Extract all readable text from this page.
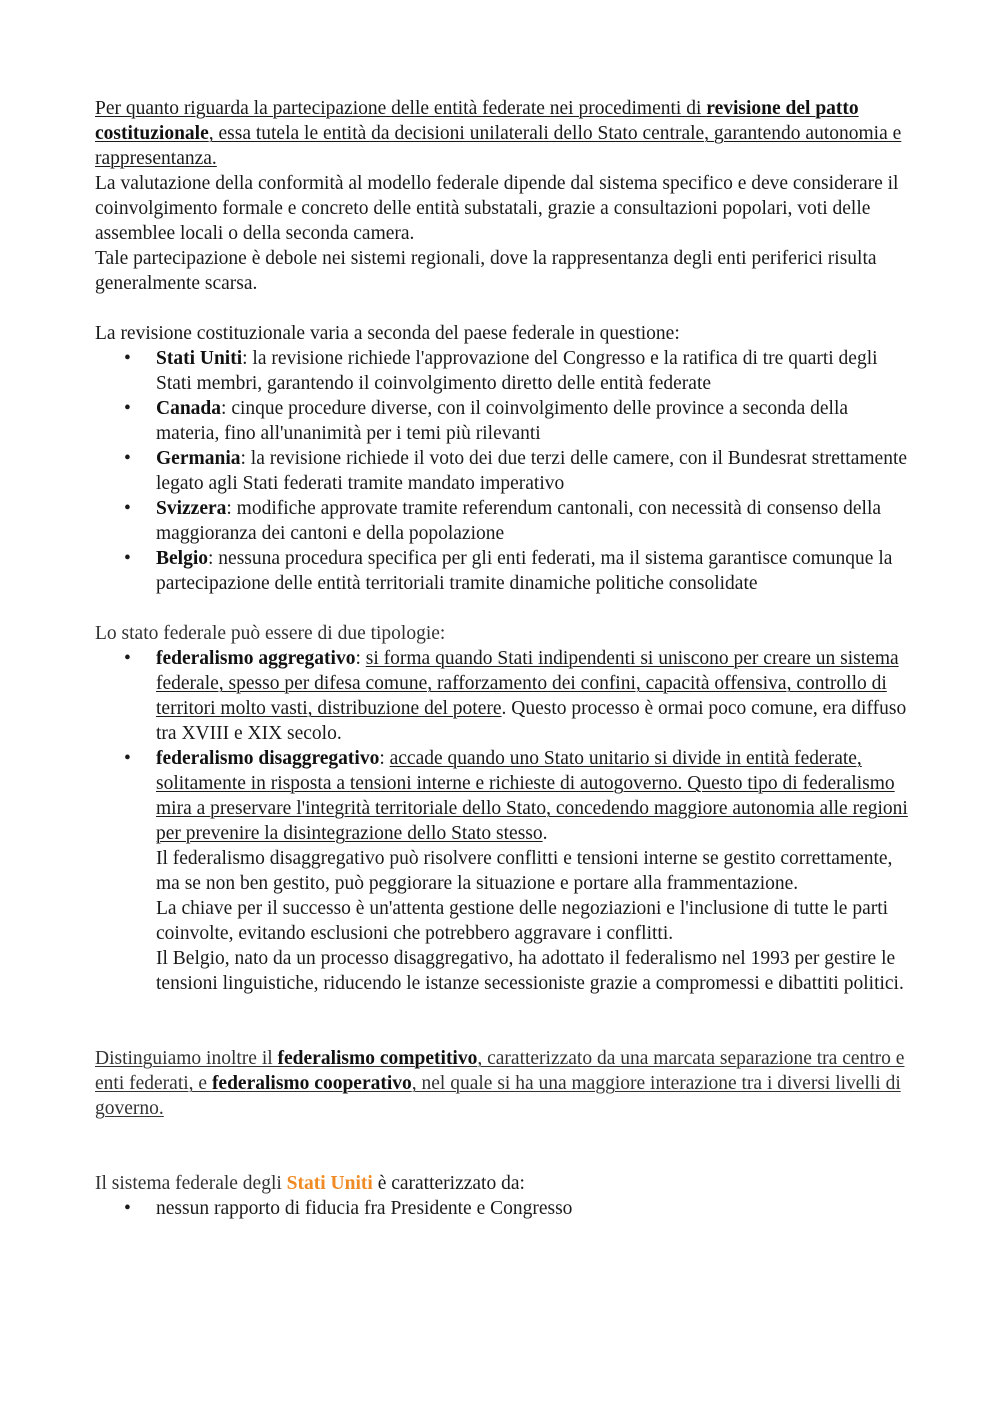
Per quanto riguarda la partecipazione delle entità federate nei procedimenti di revisione del patto costituzionale, essa tutela le entità da decisioni unilaterali dello Stato centrale, garantendo autonomia e rappresentanza.

La valutazione della conformità al modello federale dipende dal sistema specifico e deve considerare il coinvolgimento formale e concreto delle entità substatali, grazie a consultazioni popolari, voti delle assemblee locali o della seconda camera.

Tale partecipazione è debole nei sistemi regionali, dove la rappresentanza degli enti periferici risulta generalmente scarsa.

La revisione costituzionale varia a seconda del paese federale in questione:

• Stati Uniti: la revisione richiede l'approvazione del Congresso e la ratifica di tre quarti degli Stati membri, garantendo il coinvolgimento diretto delle entità federate
• Canada: cinque procedure diverse, con il coinvolgimento delle province a seconda della materia, fino all'unanimità per i temi più rilevanti
• Germania: la revisione richiede il voto dei due terzi delle camere, con il Bundesrat strettamente legato agli Stati federati tramite mandato imperativo
• Svizzera: modifiche approvate tramite referendum cantonali, con necessità di consenso della maggioranza dei cantoni e della popolazione
• Belgio: nessuna procedura specifica per gli enti federati, ma il sistema garantisce comunque la partecipazione delle entità territoriali tramite dinamiche politiche consolidate

Lo stato federale può essere di due tipologie:

• federalismo aggregativo: si forma quando Stati indipendenti si uniscono per creare un sistema federale, spesso per difesa comune, rafforzamento dei confini, capacità offensiva, controllo di territori molto vasti, distribuzione del potere. Questo processo è ormai poco comune, era diffuso tra XVIII e XIX secolo.
• federalismo disaggregativo: accade quando uno Stato unitario si divide in entità federate, solitamente in risposta a tensioni interne e richieste di autogoverno. Questo tipo di federalismo mira a preservare l'integrità territoriale dello Stato, concedendo maggiore autonomia alle regioni per prevenire la disintegrazione dello Stato stesso.

Il federalismo disaggregativo può risolvere conflitti e tensioni interne se gestito correttamente, ma se non ben gestito, può peggiorare la situazione e portare alla frammentazione.

La chiave per il successo è un'attenta gestione delle negoziazioni e l'inclusione di tutte le parti coinvolte, evitando esclusioni che potrebbero aggravare i conflitti.

Il Belgio, nato da un processo disaggregativo, ha adottato il federalismo nel 1993 per gestire le tensioni linguistiche, riducendo le istanze secessioniste grazie a compromessi e dibattiti politici.

Distinguiamo inoltre il federalismo competitivo, caratterizzato da una marcata separazione tra centro e enti federati, e federalismo cooperativo, nel quale si ha una maggiore interazione tra i diversi livelli di governo.

Il sistema federale degli Stati Uniti è caratterizzato da:

• nessun rapporto di fiducia fra Presidente e Congresso
